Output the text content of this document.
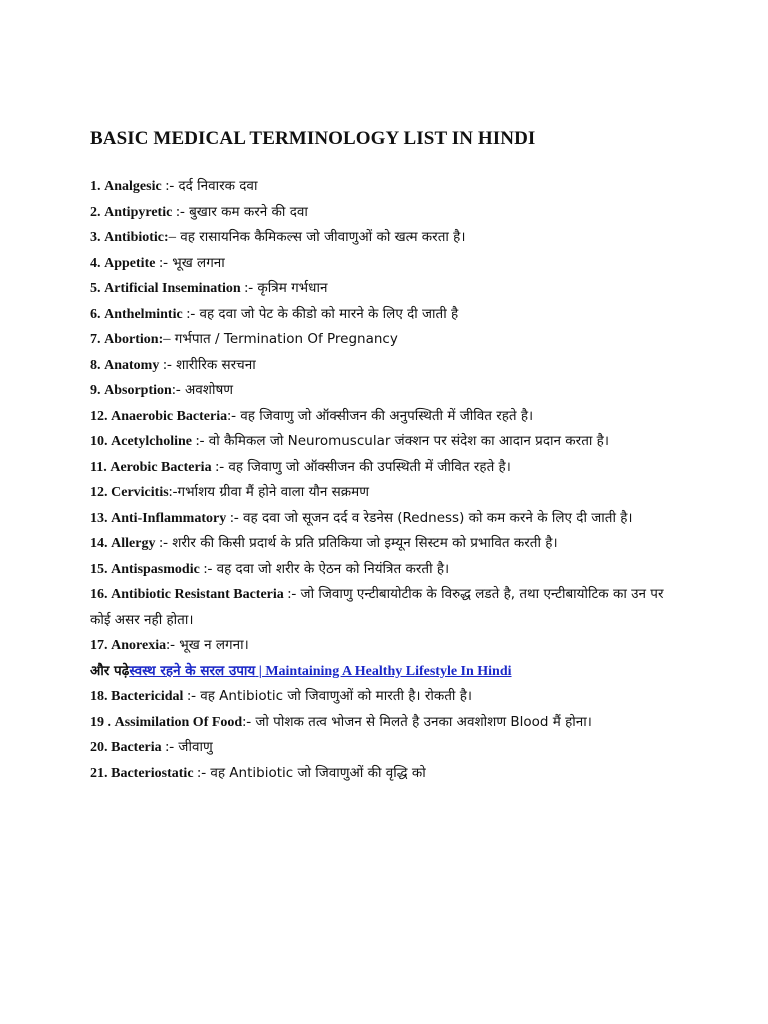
BASIC MEDICAL TERMINOLOGY LIST IN HINDI

1. Analgesic :- दर्द निवारक दवा

2. Antipyretic :- बुखार कम करने की दवा

3. Antibiotic:– वह रासायनिक कैमिकल्स जो जीवाणुओं को खत्म करता है।

4. Appetite :- भूख लगना

5. Artificial Insemination :- कृत्रिम गर्भधान

6. Anthelmintic :- वह दवा जो पेट के कीडो को मारने के लिए दी जाती है

7. Abortion:– गर्भपात / Termination Of Pregnancy

8. Anatomy :- शारीरिक सरचना

9. Absorption:- अवशोषण

12. Anaerobic Bacteria:- वह जिवाणु जो ऑक्सीजन की अनुपस्थिती में जीवित रहते है।

10. Acetylcholine :- वो कैमिकल जो Neuromuscular जंक्शन पर संदेश का आदान प्रदान करता है।

11. Aerobic Bacteria :- वह जिवाणु जो ऑक्सीजन की उपस्थिती में जीवित रहते है।

12. Cervicitis:-गर्भाशय ग्रीवा मैं होने वाला यौन सक्रमण

13. Anti-Inflammatory :- वह दवा जो सूजन दर्द व रेडनेस (Redness) को कम करने के लिए दी जाती है।

14. Allergy :- शरीर की किसी प्रदार्थ के प्रति प्रतिकिया जो इम्यून सिस्टम को प्रभावित करती है।

15. Antispasmodic :- वह दवा जो शरीर के ऐठन को नियंत्रित करती है।

16. Antibiotic Resistant Bacteria :- जो जिवाणु एन्टीबायोटीक के विरुद्ध लडते है, तथा एन्टीबायोटिक का उन पर कोई असर नही होता।

17. Anorexia:- भूख न लगना।

और पढ़ेस्वस्थ रहने के सरल उपाय | Maintaining A Healthy Lifestyle In Hindi

18. Bactericidal :- वह Antibiotic जो जिवाणुओं को मारती है। रोकती है।

19 . Assimilation Of Food:- जो पोशक तत्व भोजन से मिलते है उनका अवशोशण Blood मैं होना।

20. Bacteria :- जीवाणु

21. Bacteriostatic :- वह Antibiotic जो जिवाणुओं की वृद्धि को
